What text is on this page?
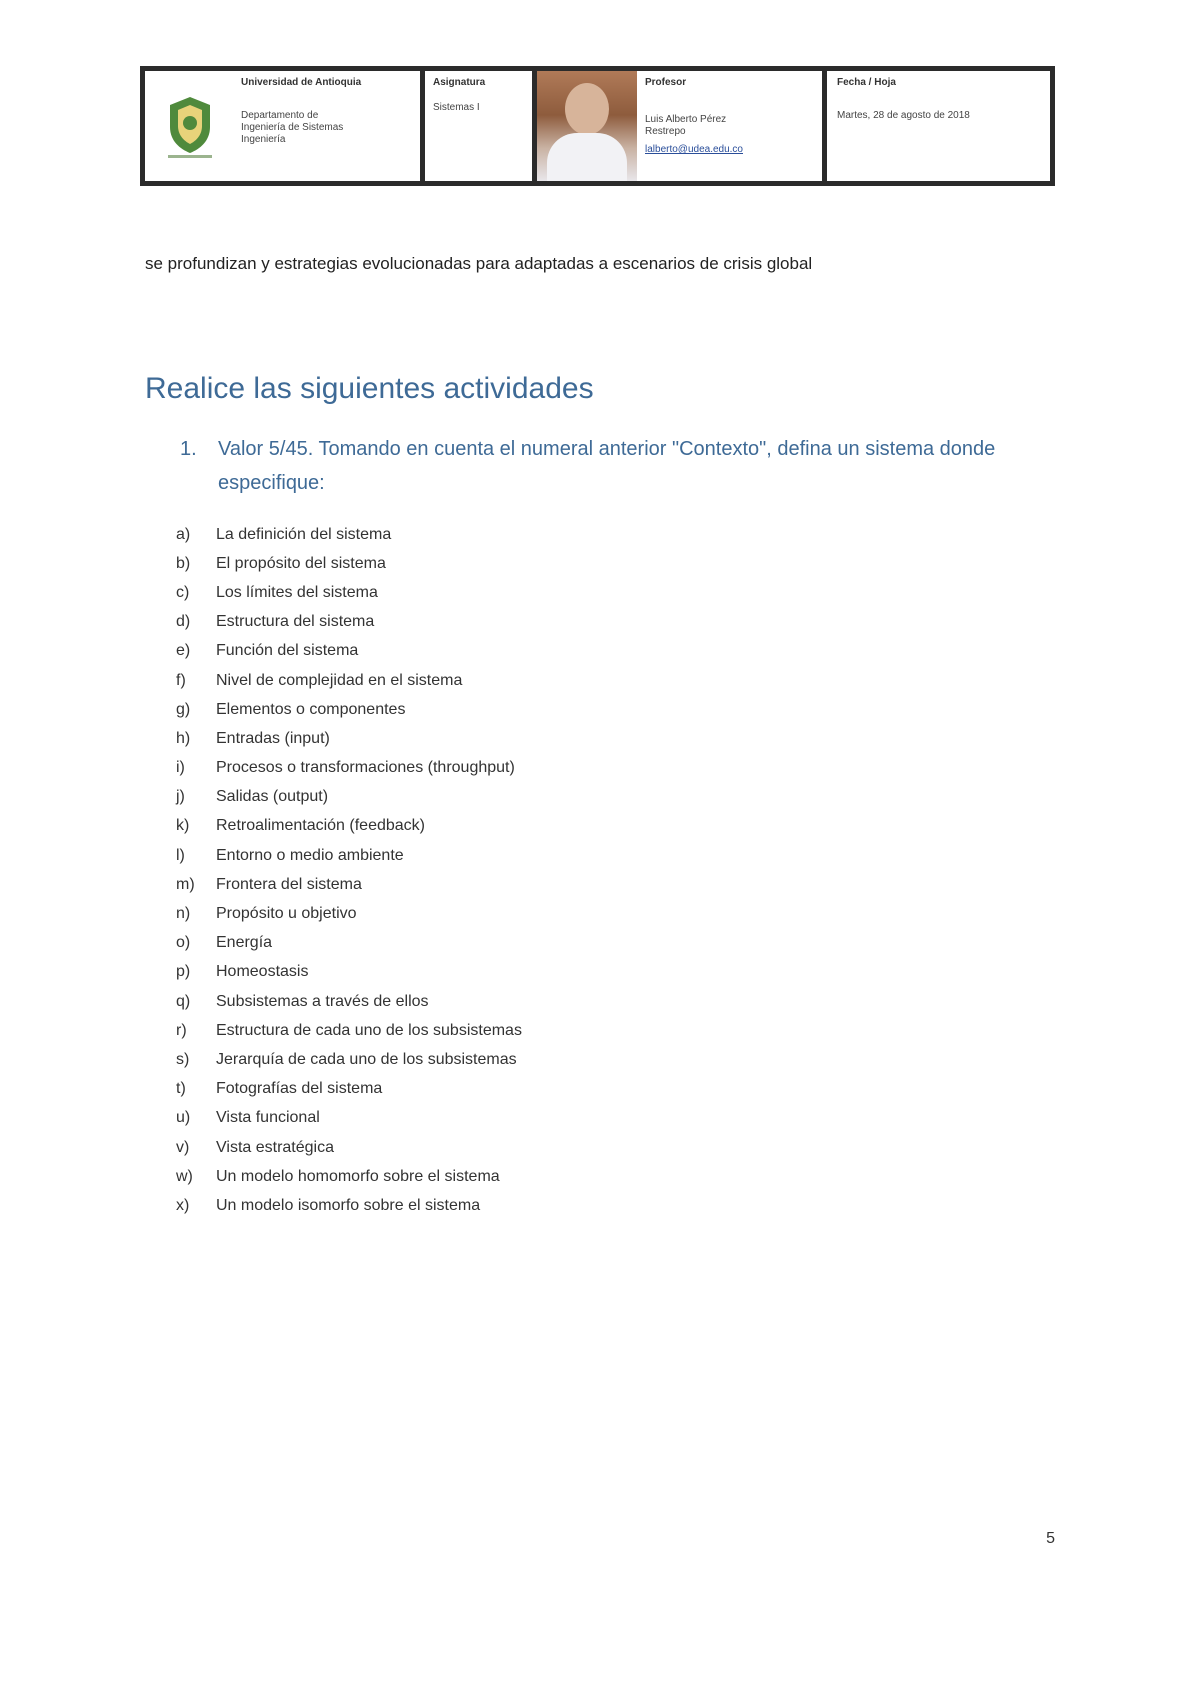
Universidad de Antioquia
Departamento de
Ingeniería de Sistemas
Ingeniería
Asignatura
Sistemas I
Profesor
Luis Alberto Pérez
Restrepo
lalberto@udea.edu.co
Fecha / Hoja
Martes, 28 de agosto de 2018

se profundizan y estrategias evolucionadas para adaptadas a escenarios de crisis global

Realice las siguientes actividades
1.	Valor 5/45. Tomando en cuenta el numeral anterior "Contexto", defina un sistema donde especifique:
a)	La definición del sistema
b)	El propósito del sistema
c)	Los límites del sistema
d)	Estructura del sistema
e)	Función del sistema
f)	Nivel de complejidad en el sistema
g)	Elementos o componentes
h)	Entradas (input)
i)	Procesos o transformaciones (throughput)
j)	Salidas (output)
k)	Retroalimentación (feedback)
l)	Entorno o medio ambiente
m)	Frontera del sistema
n)	Propósito u objetivo
o)	Energía
p)	Homeostasis
q)	Subsistemas a través de ellos
r)	Estructura de cada uno de los subsistemas
s)	Jerarquía de cada uno de los subsistemas
t)	Fotografías del sistema
u)	Vista funcional
v)	Vista estratégica
w)	Un modelo homomorfo sobre el sistema
x)	Un modelo isomorfo sobre el sistema
5
